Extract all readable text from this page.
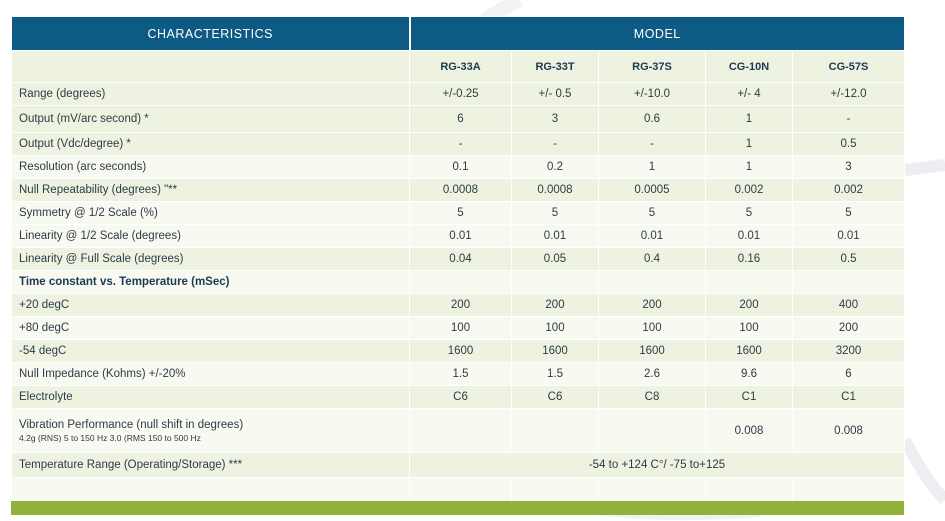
CHARACTERISTICS	MODEL				
	RG-33A	RG-33T	RG-37S	CG-10N	CG-57S
Range (degrees)	+/-0.25	+/- 0.5	+/-10.0	+/- 4	+/-12.0
Output (mV/arc second) *	6	3	0.6	1	-
Output (Vdc/degree) *	-	-	-	1	0.5
Resolution (arc seconds)	0.1	0.2	1	1	3
Null Repeatability (degrees) "**	0.0008	0.0008	0.0005	0.002	0.002
Symmetry @ 1/2 Scale (%)	5	5	5	5	5
Linearity @ 1/2 Scale (degrees)	0.01	0.01	0.01	0.01	0.01
Linearity @ Full Scale (degrees)	0.04	0.05	0.4	0.16	0.5
Time constant vs. Temperature (mSec)					
+20 degC	200	200	200	200	400
+80 degC	100	100	100	100	200
-54 degC	1600	1600	1600	1600	3200
Null Impedance (Kohms) +/-20%	1.5	1.5	2.6	9.6	6
Electrolyte	C6	C6	C8	C1	C1
Vibration Performance (null shift in degrees)
4.2g (RNS) 5 to 150 Hz 3.0 (RMS 150 to 500 Hz				0.008	0.008
Temperature Range (Operating/Storage) ***	-54 to +124 C°/ -75 to+125				
